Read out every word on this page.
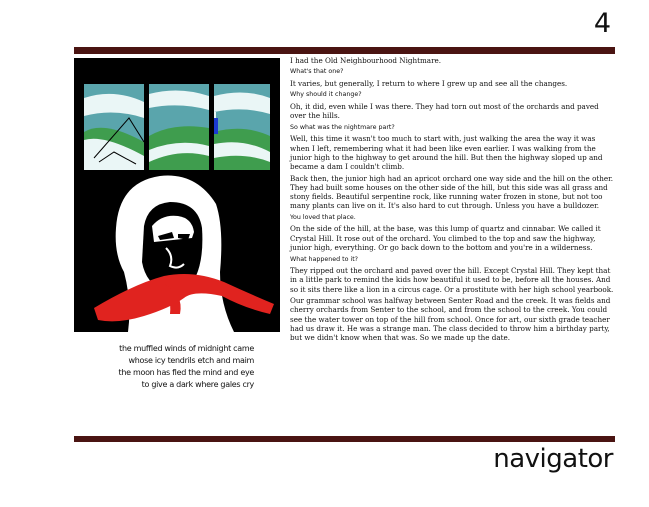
4
the muffled winds of midnight came
whose icy tendrils etch and maim
the moon has fled the mind and eye
to give a dark where gales cry

I had the Old Neighbourhood Nightmare.

What's that one?

It varies, but generally, I return to where I grew up and see all the changes.

Why should it change?

Oh, it did, even while I was there. They had torn out most of the orchards and paved over the hills.

So what was the nightmare part?

Well, this time it wasn't too much to start with, just walking the area the way it was when I left, remembering what it had been like even earlier. I was walking from the junior high to the highway to get around the hill. But then the highway sloped up and became a dam I couldn't climb.

Back then, the junior high had an apricot orchard one way side and the hill on the other. They had built some houses on the other side of the hill, but this side was all grass and stony fields. Beautiful serpentine rock, like running water frozen in stone, but not too many plants can live on it. It's also hard to cut through. Unless you have a bulldozer.

You loved that place.

On the side of the hill, at the base, was this lump of quartz and cinnabar. We called it Crystal Hill. It rose out of the orchard. You climbed to the top and saw the highway, junior high, everything. Or go back down to the bottom and you're in a wilderness.

What happened to it?

They ripped out the orchard and paved over the hill. Except Crystal Hill. They kept that in a little park to remind the kids how beautiful it used to be, before all the houses. And so it sits there like a lion in a circus cage. Or a prostitute with her high school yearbook.

Our grammar school was halfway between Senter Road and the creek. It was fields and cherry orchards from Senter to the school, and from the school to the creek. You could see the water tower on top of the hill from school. Once for art, our sixth grade teacher had us draw it. He was a strange man. The class decided to throw him a birthday party, but we didn't know when that was. So we made up the date.

navigator
